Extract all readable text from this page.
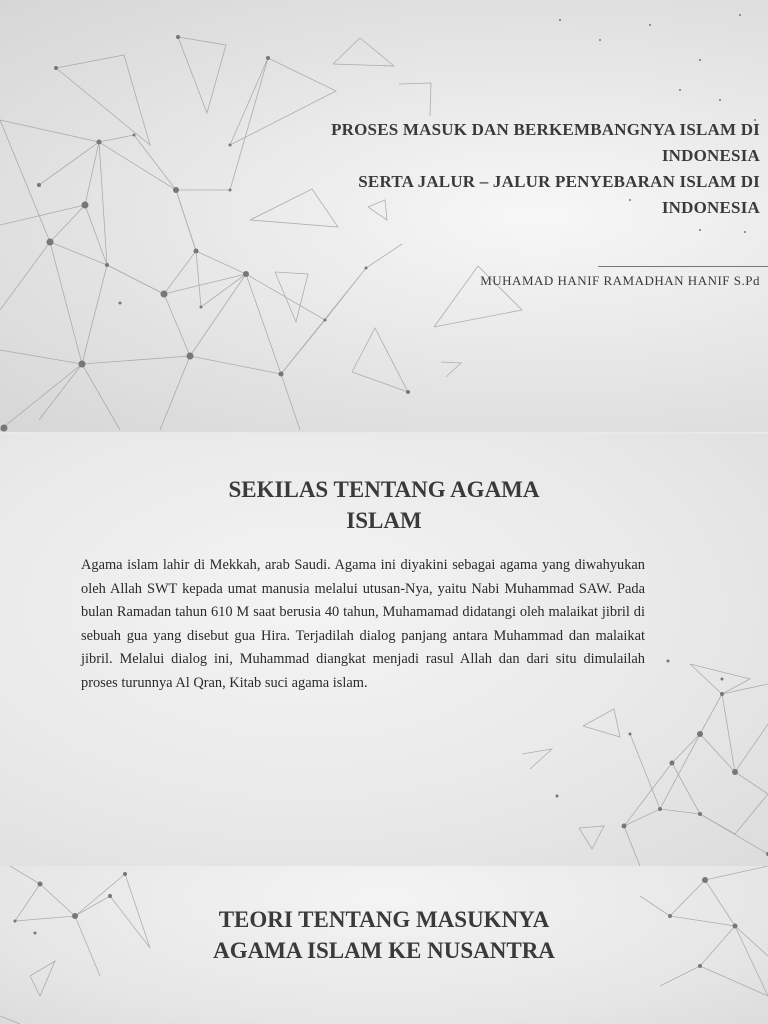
PROSES MASUK DAN BERKEMBANGNYA ISLAM DI
INDONESIA
SERTA JALUR – JALUR PENYEBARAN ISLAM DI
INDONESIA
MUHAMAD HANIF RAMADHAN HANIF S.Pd
SEKILAS TENTANG AGAMA
ISLAM
Agama islam lahir di Mekkah, arab Saudi. Agama ini diyakini sebagai agama yang diwahyukan oleh Allah SWT kepada umat manusia melalui utusan-Nya, yaitu Nabi Muhammad SAW. Pada bulan Ramadan tahun 610 M saat berusia 40 tahun, Muhamamad didatangi oleh malaikat jibril di sebuah gua yang disebut gua Hira. Terjadilah dialog panjang antara Muhammad dan malaikat jibril. Melalui dialog ini, Muhammad diangkat menjadi rasul Allah dan dari situ dimulailah proses turunnya Al Qran, Kitab suci agama islam.
TEORI TENTANG MASUKNYA
AGAMA ISLAM KE NUSANTRA
